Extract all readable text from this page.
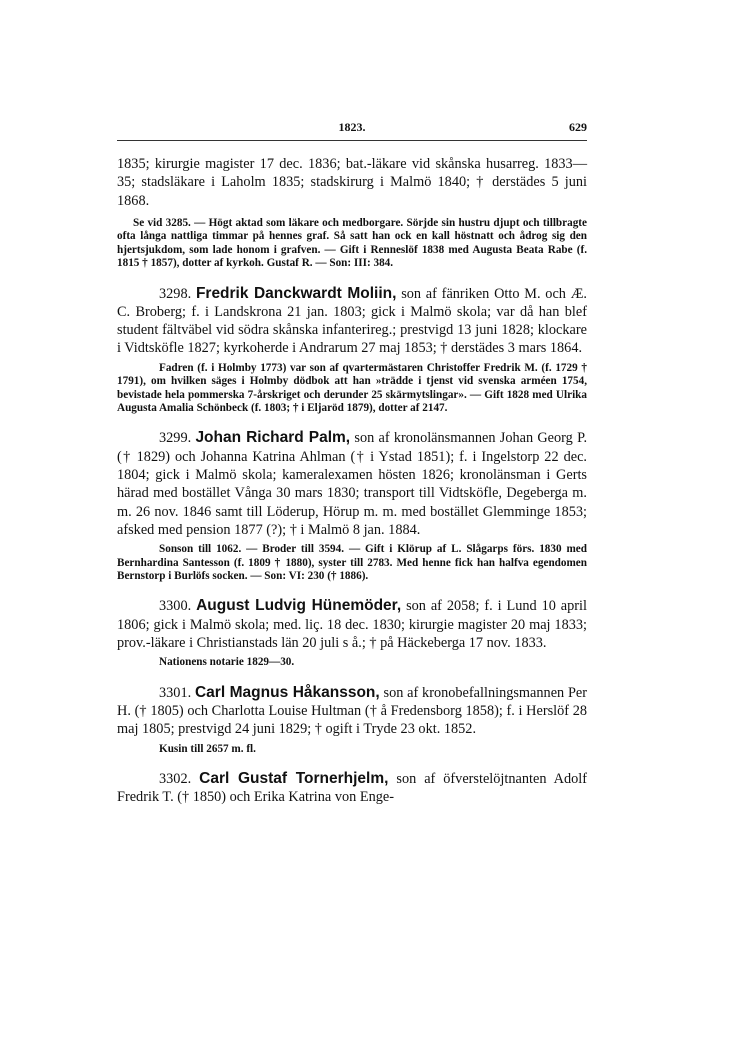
1823.	629

1835; kirurgie magister 17 dec. 1836; bat.-läkare vid skånska husarreg. 1833—35; stadsläkare i Laholm 1835; stadskirurg i Malmö 1840; † derstädes 5 juni 1868.

Se vid 3285. — Högt aktad som läkare och medborgare. Sörjde sin hustru djupt och tillbragte ofta långa nattliga timmar på hennes graf. Så satt han ock en kall höstnatt och ådrog sig den hjertsjukdom, som lade honom i grafven. — Gift i Renneslöf 1838 med Augusta Beata Rabe (f. 1815 † 1857), dotter af kyrkoh. Gustaf R. — Son: III: 384.

3298. Fredrik Danckwardt Moliin, son af fänriken Otto M. och Æ. C. Broberg; f. i Landskrona 21 jan. 1803; gick i Malmö skola; var då han blef student fältväbel vid södra skånska infanterireg.; prestvigd 13 juni 1828; klockare i Vidtsköfle 1827; kyrkoherde i Andrarum 27 maj 1853; † derstädes 3 mars 1864.

Fadren (f. i Holmby 1773) var son af qvartermästaren Christoffer Fredrik M. (f. 1729 † 1791), om hvilken säges i Holmby dödbok att han »trädde i tjenst vid svenska arméen 1754, bevistade hela pommerska 7-årskriget och derunder 25 skärmytslingar». — Gift 1828 med Ulrika Augusta Amalia Schönbeck (f. 1803; † i Eljaröd 1879), dotter af 2147.

3299. Johan Richard Palm, son af kronolänsmannen Johan Georg P. († 1829) och Johanna Katrina Ahlman († i Ystad 1851); f. i Ingelstorp 22 dec. 1804; gick i Malmö skola; kameralexamen hösten 1826; kronolänsman i Gerts härad med bostället Vånga 30 mars 1830; transport till Vidtsköfle, Degeberga m. m. 26 nov. 1846 samt till Löderup, Hörup m. m. med bostället Glemminge 1853; afsked med pension 1877 (?); † i Malmö 8 jan. 1884.

Sonson till 1062. — Broder till 3594. — Gift i Klörup af L. Slågarps förs. 1830 med Bernhardina Santesson (f. 1809 † 1880), syster till 2783. Med henne fick han halfva egendomen Bernstorp i Burlöfs socken. — Son: VI: 230 († 1886).

3300. August Ludvig Hünemöder, son af 2058; f. i Lund 10 april 1806; gick i Malmö skola; med. liç. 18 dec. 1830; kirurgie magister 20 maj 1833; prov.-läkare i Christianstads län 20 juli s å.; † på Häckeberga 17 nov. 1833.

Nationens notarie 1829—30.

3301. Carl Magnus Håkansson, son af kronobefallningsmannen Per H. († 1805) och Charlotta Louise Hultman († å Fredensborg 1858); f. i Herslöf 28 maj 1805; prestvigd 24 juni 1829; † ogift i Tryde 23 okt. 1852.

Kusin till 2657 m. fl.

3302. Carl Gustaf Tornerhjelm, son af öfverstelöjtnanten Adolf Fredrik T. († 1850) och Erika Katrina von Enge-
